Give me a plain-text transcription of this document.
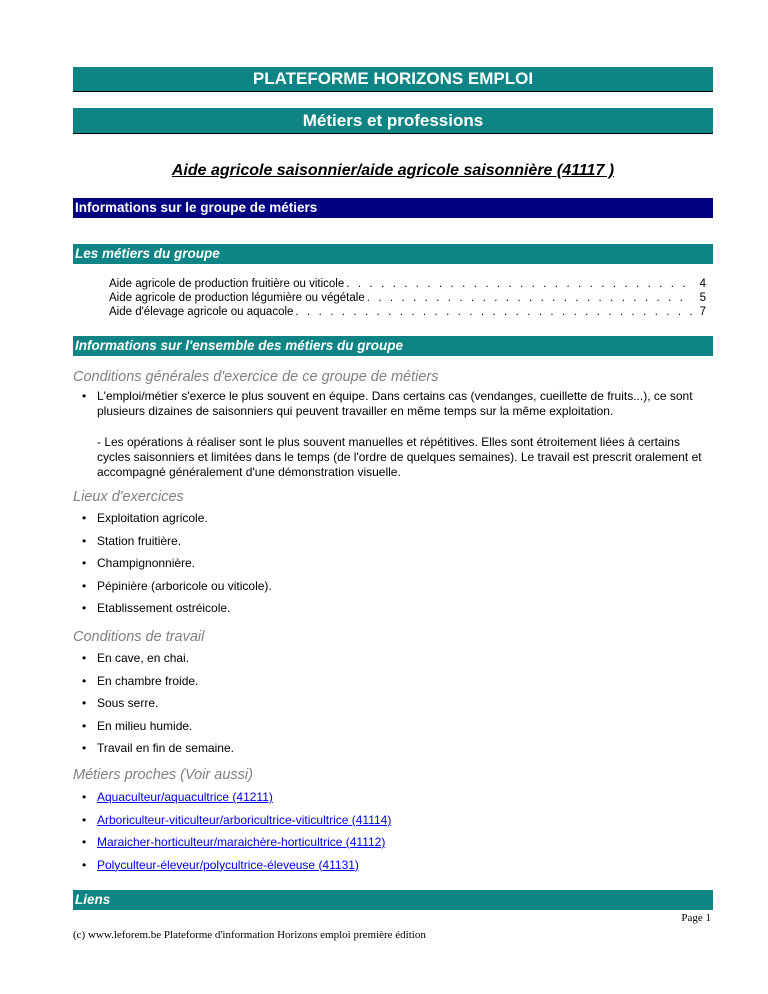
PLATEFORME HORIZONS EMPLOI
Métiers et professions
Aide agricole saisonnier/aide agricole saisonnière (41117 )
Informations sur le groupe de métiers
Les métiers du groupe
Aide agricole de production fruitière ou viticole . . .	4
Aide agricole de production légumière ou végétale . . .	5
Aide d'élevage agricole ou aquacole . . .	7
Informations sur l'ensemble des métiers du groupe
Conditions générales d'exercice de ce groupe de métiers
• L'emploi/métier s'exerce le plus souvent en équipe. Dans certains cas (vendanges, cueillette de fruits...), ce sont plusieurs dizaines de saisonniers qui peuvent travailler en même temps sur la même exploitation.
- Les opérations à réaliser sont le plus souvent manuelles et répétitives. Elles sont étroitement liées à certains cycles saisonniers et limitées dans le temps (de l'ordre de quelques semaines). Le travail est prescrit oralement et accompagné généralement d'une démonstration visuelle.
Lieux d'exercices
• Exploitation agricole.
• Station fruitière.
• Champignonnière.
• Pépinière (arboricole ou viticole).
• Etablissement ostréicole.
Conditions de travail
• En cave, en chai.
• En chambre froide.
• Sous serre.
• En milieu humide.
• Travail en fin de semaine.
Métiers proches (Voir aussi)
• Aquaculteur/aquacultrice (41211)
• Arboriculteur-viticulteur/arboricultrice-viticultrice (41114)
• Maraicher-horticulteur/maraichère-horticultrice (41112)
• Polyculteur-éleveur/polycultrice-éleveuse (41131)
Liens
Page 1
(c) www.leforem.be Plateforme d'information Horizons emploi première édition
